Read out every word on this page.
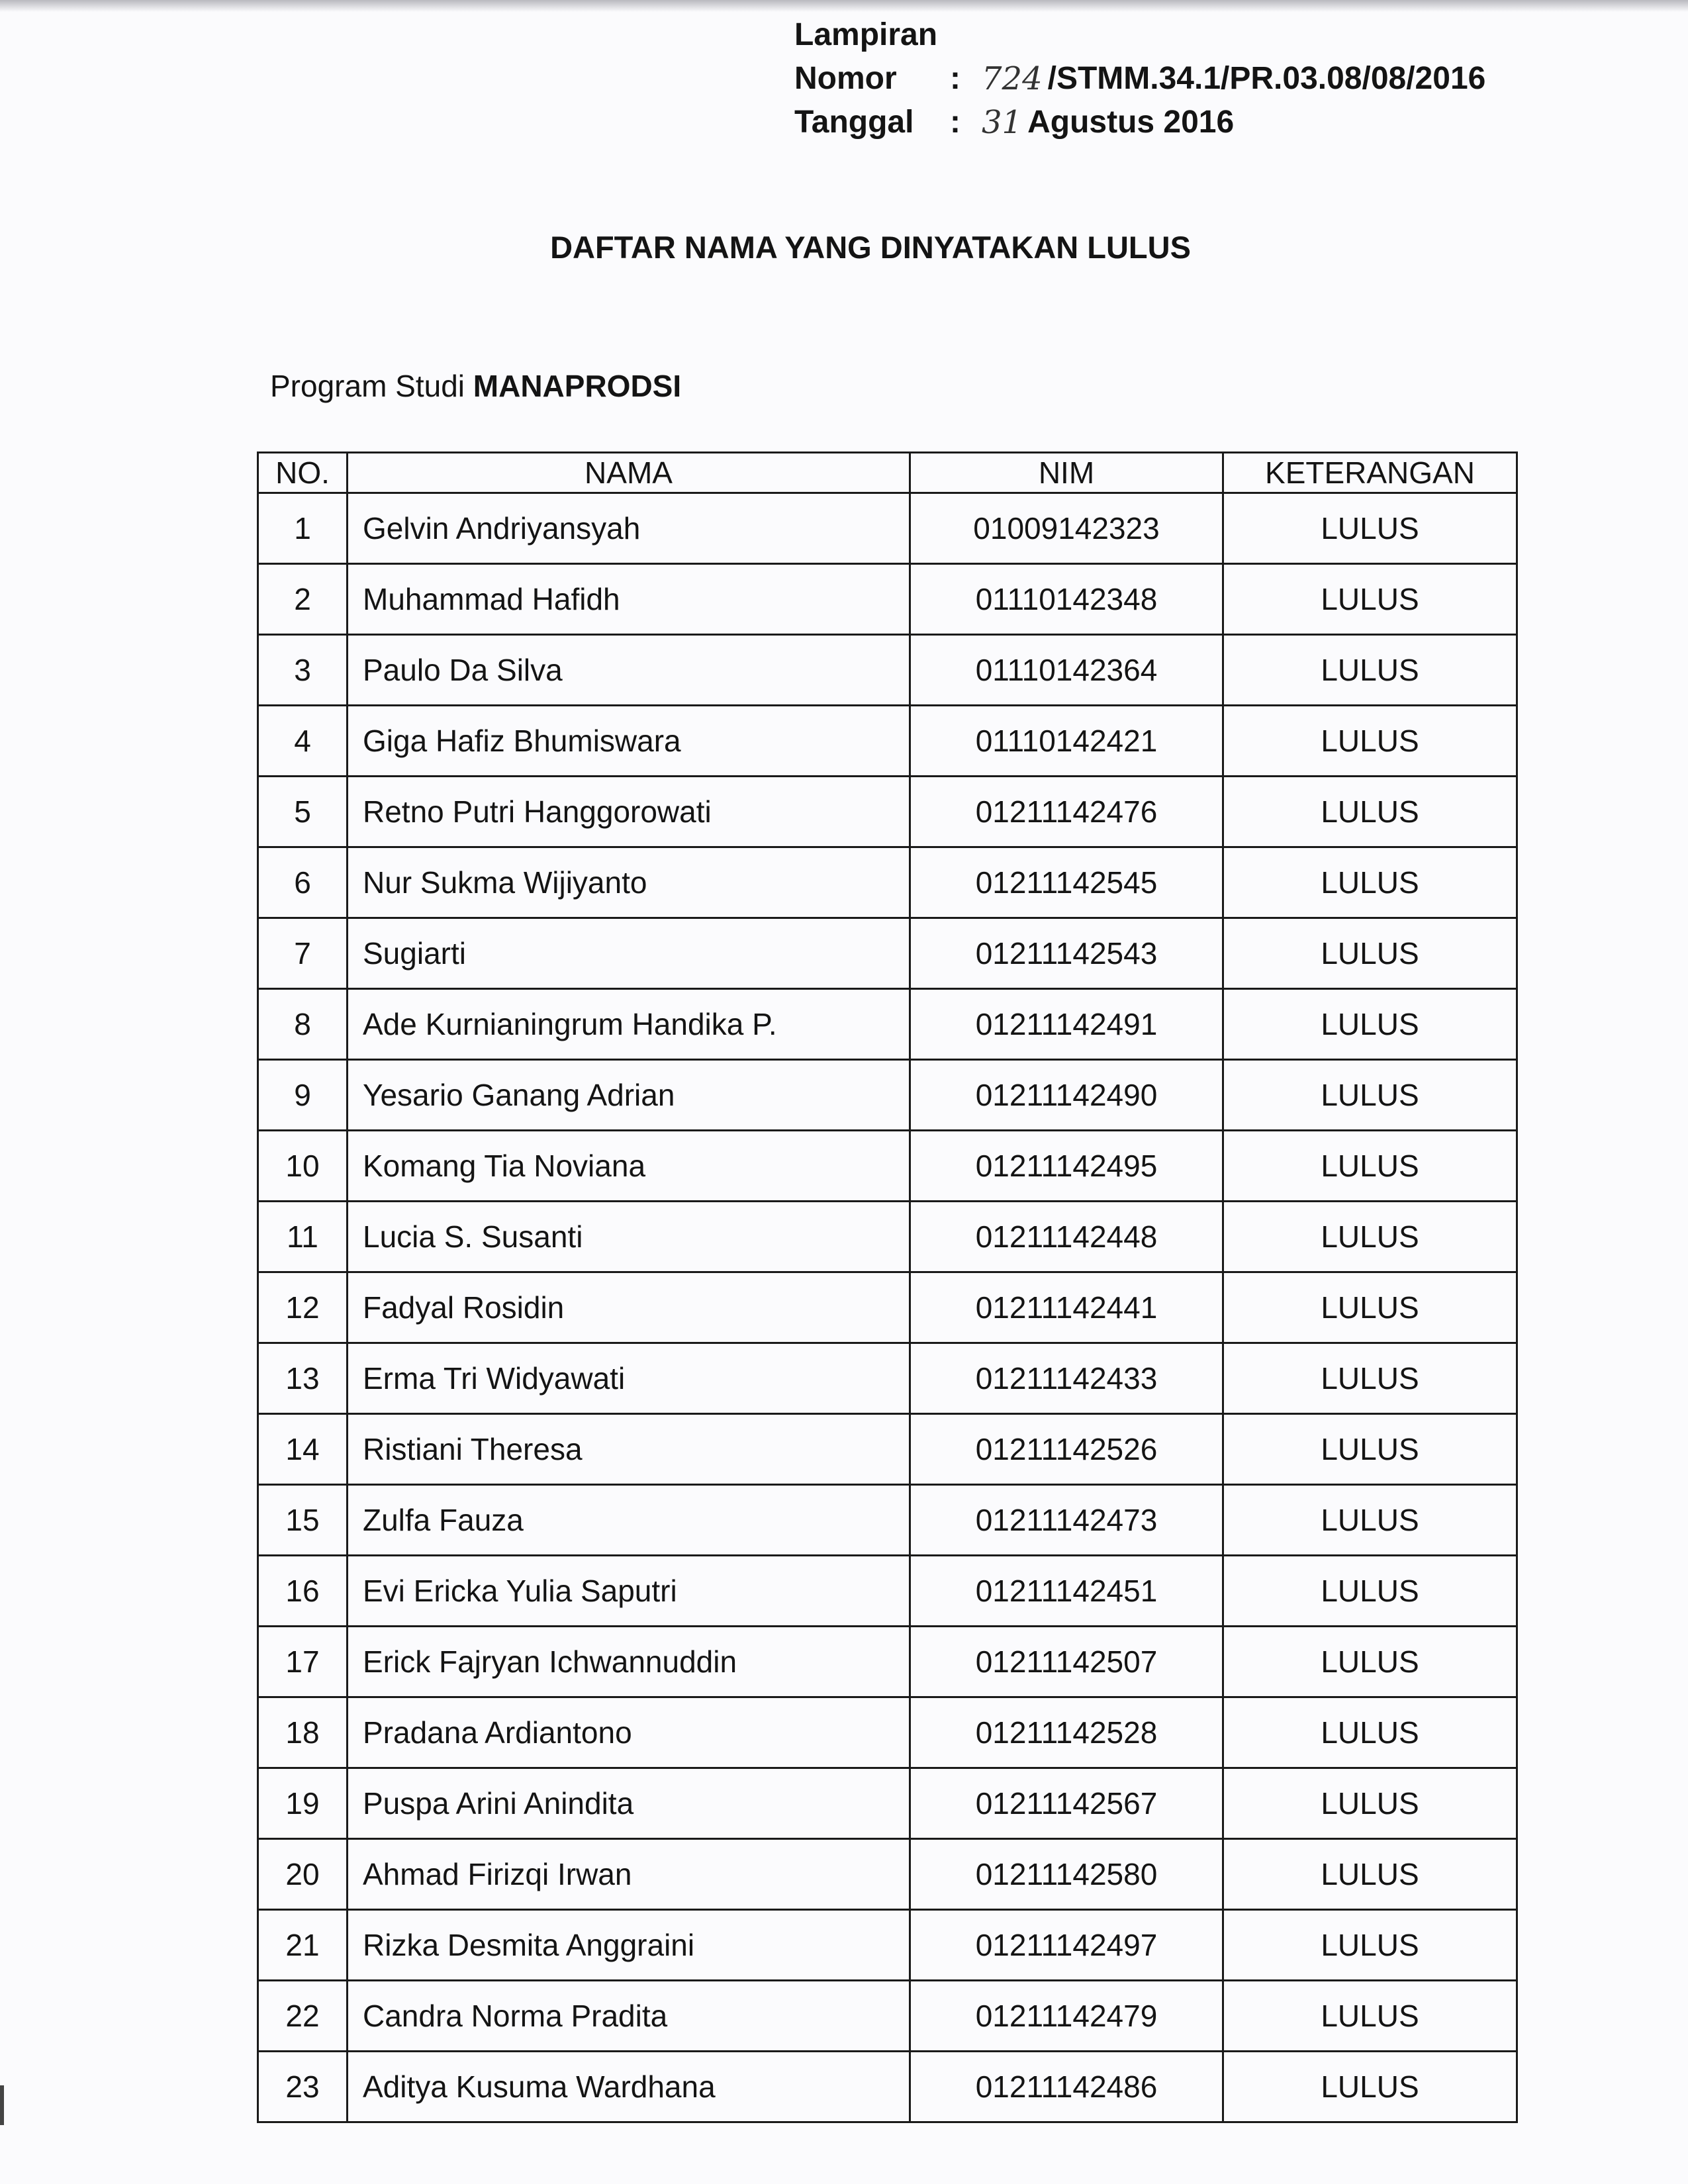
Lampiran
Nomor	: 724 /STMM.34.1/PR.03.08/08/2016
Tanggal	: 31 Agustus 2016
DAFTAR NAMA YANG DINYATAKAN LULUS
Program Studi MANAPRODSI
NO.	NAMA	NIM	KETERANGAN
1	Gelvin Andriyansyah	01009142323	LULUS
2	Muhammad Hafidh	01110142348	LULUS
3	Paulo Da Silva	01110142364	LULUS
4	Giga Hafiz Bhumiswara	01110142421	LULUS
5	Retno Putri Hanggorowati	01211142476	LULUS
6	Nur Sukma Wijiyanto	01211142545	LULUS
7	Sugiarti	01211142543	LULUS
8	Ade Kurnianingrum Handika P.	01211142491	LULUS
9	Yesario Ganang Adrian	01211142490	LULUS
10	Komang Tia Noviana	01211142495	LULUS
11	Lucia S. Susanti	01211142448	LULUS
12	Fadyal Rosidin	01211142441	LULUS
13	Erma Tri Widyawati	01211142433	LULUS
14	Ristiani Theresa	01211142526	LULUS
15	Zulfa Fauza	01211142473	LULUS
16	Evi Ericka Yulia Saputri	01211142451	LULUS
17	Erick Fajryan Ichwannuddin	01211142507	LULUS
18	Pradana Ardiantono	01211142528	LULUS
19	Puspa Arini Anindita	01211142567	LULUS
20	Ahmad Firizqi Irwan	01211142580	LULUS
21	Rizka Desmita Anggraini	01211142497	LULUS
22	Candra Norma Pradita	01211142479	LULUS
23	Aditya Kusuma Wardhana	01211142486	LULUS
